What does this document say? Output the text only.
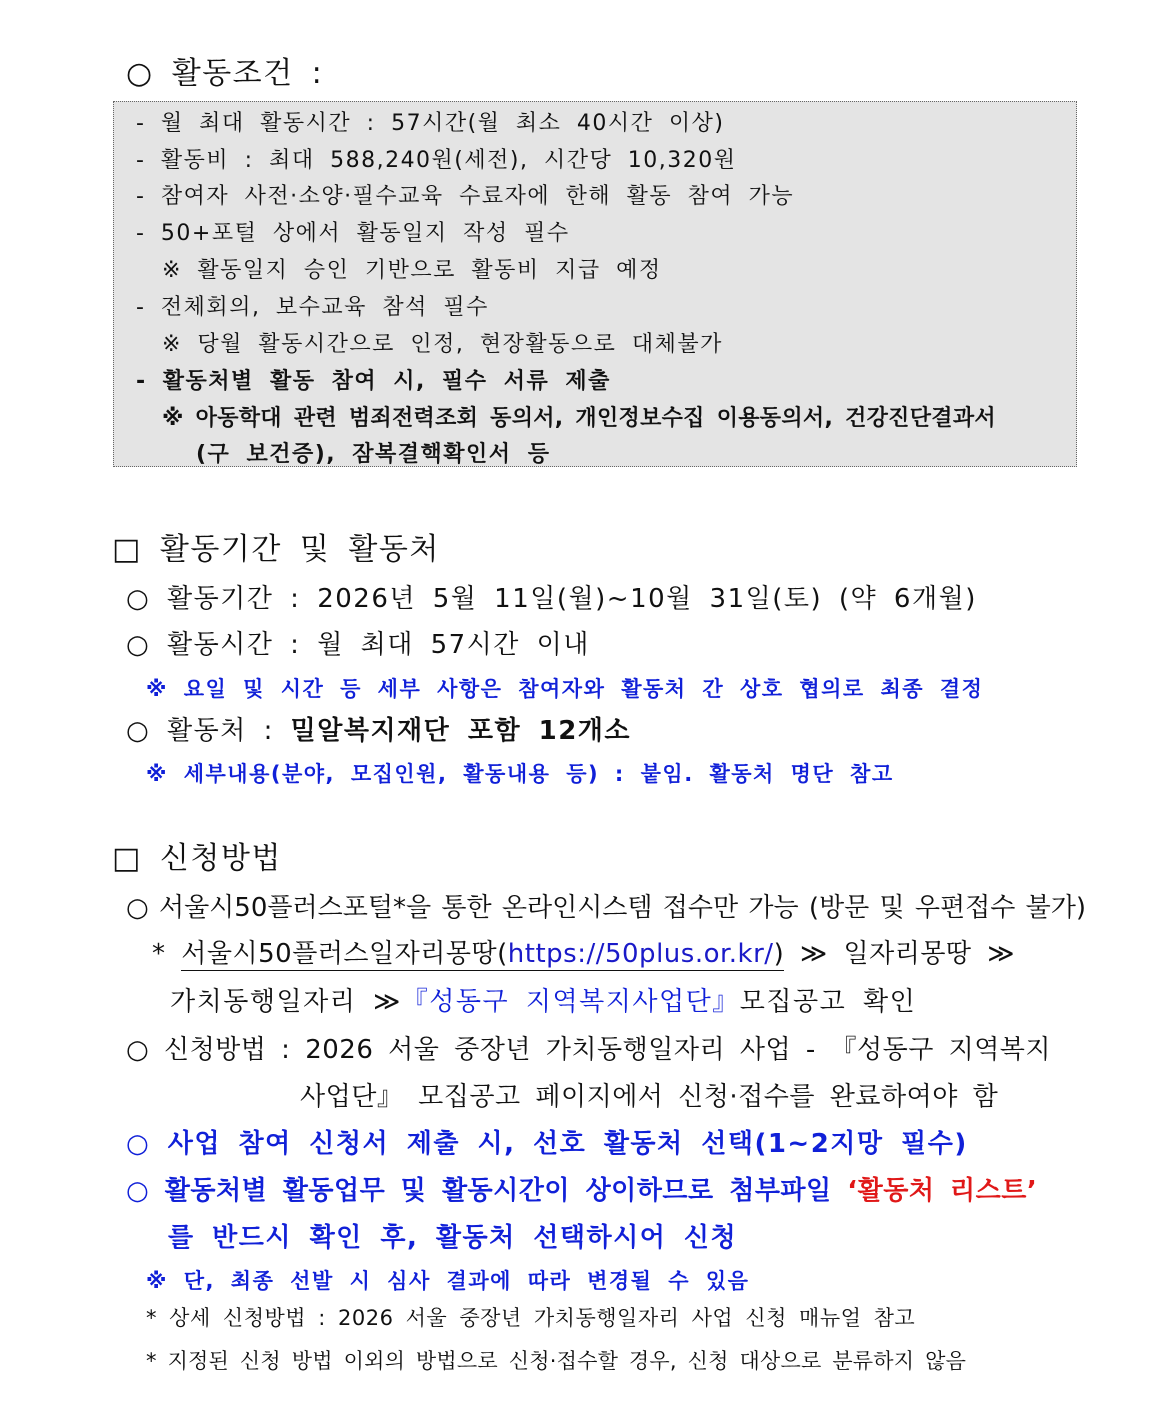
○ 활동조건 :
- 월 최대 활동시간 : 57시간(월 최소 40시간 이상)
- 활동비 : 최대 588,240원(세전), 시간당 10,320원
- 참여자 사전·소양·필수교육 수료자에 한해 활동 참여 가능
- 50+포털 상에서 활동일지 작성 필수
※ 활동일지 승인 기반으로 활동비 지급 예정
- 전체회의, 보수교육 참석 필수
※ 당월 활동시간으로 인정, 현장활동으로 대체불가
- 활동처별 활동 참여 시, 필수 서류 제출
※ 아동학대 관련 범죄전력조회 동의서, 개인정보수집 이용동의서, 건강진단결과서
(구 보건증), 잠복결핵확인서 등
□ 활동기간 및 활동처
○ 활동기간 : 2026년 5월 11일(월)~10월 31일(토) (약 6개월)
○ 활동시간 : 월 최대 57시간 이내
※ 요일 및 시간 등 세부 사항은 참여자와 활동처 간 상호 협의로 최종 결정
○ 활동처 : 밀알복지재단 포함 12개소
※ 세부내용(분야, 모집인원, 활동내용 등) : 붙임. 활동처 명단 참고
□ 신청방법
○ 서울시50플러스포털*을 통한 온라인시스템 접수만 가능 (방문 및 우편접수 불가)
* 서울시50플러스일자리몽땅(https://50plus.or.kr/) ≫ 일자리몽땅 ≫
가치동행일자리 ≫『성동구 지역복지사업단』모집공고 확인
○ 신청방법 : 2026 서울 중장년 가치동행일자리 사업 - 『성동구 지역복지
사업단』 모집공고 페이지에서 신청·접수를 완료하여야 함
○ 사업 참여 신청서 제출 시, 선호 활동처 선택(1~2지망 필수)
○ 활동처별 활동업무 및 활동시간이 상이하므로 첨부파일 ‘활동처 리스트’
를 반드시 확인 후, 활동처 선택하시어 신청
※ 단, 최종 선발 시 심사 결과에 따라 변경될 수 있음
* 상세 신청방법 : 2026 서울 중장년 가치동행일자리 사업 신청 매뉴얼 참고
* 지정된 신청 방법 이외의 방법으로 신청·접수할 경우, 신청 대상으로 분류하지 않음
